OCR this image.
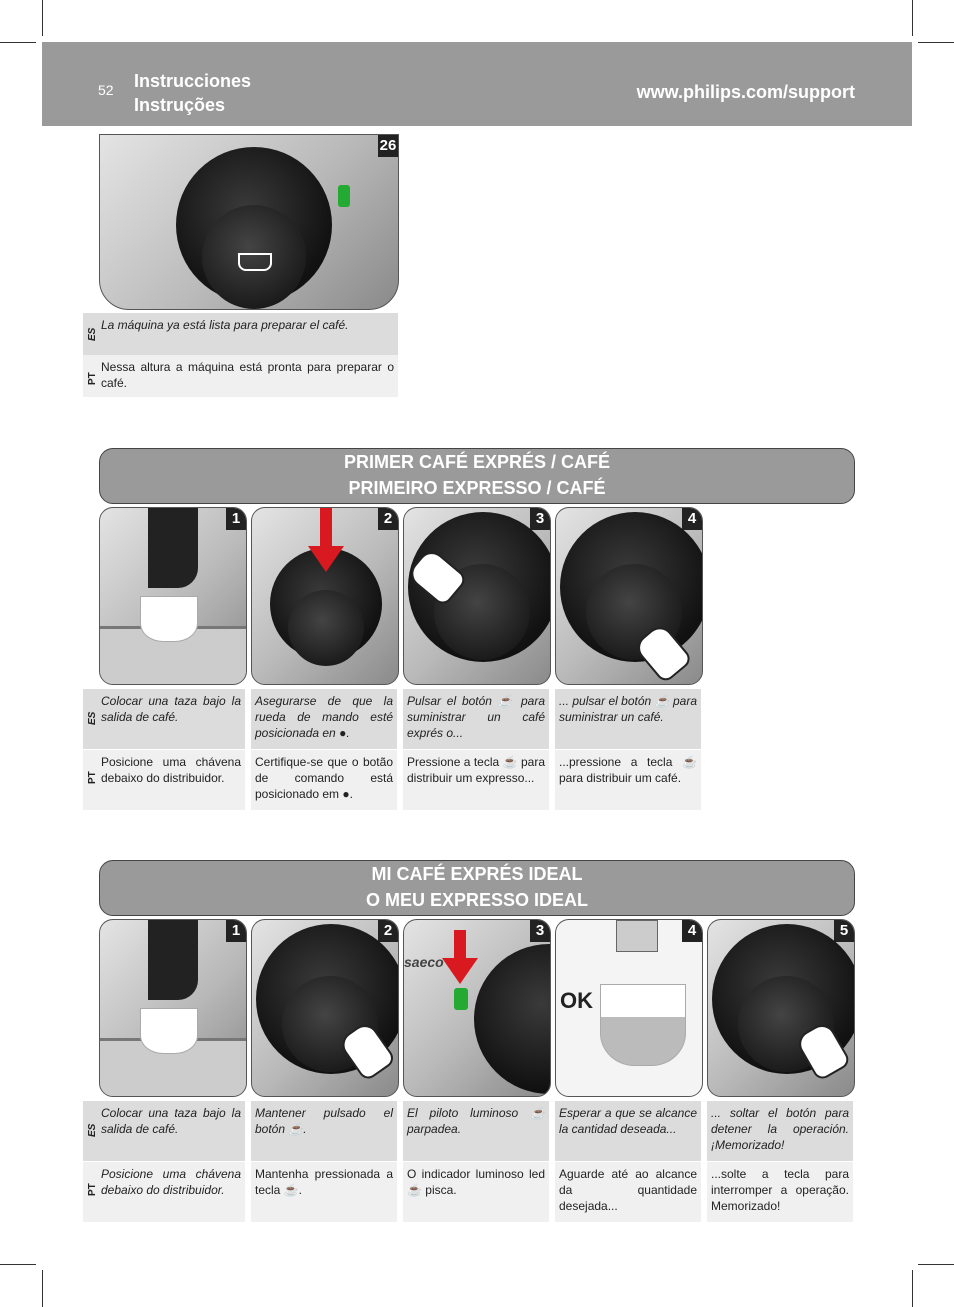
52 Instrucciones
Instruções
www.philips.com/support
26
ES
La máquina ya está lista para preparar el café.
PT
Nessa altura a máquina está pronta para preparar o café.
PRIMER CAFÉ EXPRÉS / CAFÉ
PRIMEIRO EXPRESSO / CAFÉ
1	2	3	4
ES
Colocar una taza bajo la salida de café.
PT
Posicione uma chávena debaixo do distribuidor.
Asegurarse de que la rueda de mando esté posicionada en ●.
Certifique-se que o botão de comando está posicionado em ●.
Pulsar el botón ☕ para suministrar un café exprés o...
Pressione a tecla ☕ para distribuir um expresso...
... pulsar el botón ☕ para suministrar un café.
...pressione a tecla ☕ para distribuir um café.
MI CAFÉ EXPRÉS IDEAL
O MEU EXPRESSO IDEAL
1	2	3
saeco
4
OK
5
ES
Colocar una taza bajo la salida de café.
PT
Posicione uma chávena debaixo do distribuidor.
Mantener pulsado el botón ☕.
Mantenha pressionada a tecla ☕.
El piloto luminoso ☕ parpadea.
O indicador luminoso led ☕ pisca.
Esperar a que se alcance la cantidad deseada...
Aguarde até ao alcance da quantidade desejada...
... soltar el botón para detener la operación. ¡Memorizado!
...solte a tecla para interromper a operação. Memorizado!
